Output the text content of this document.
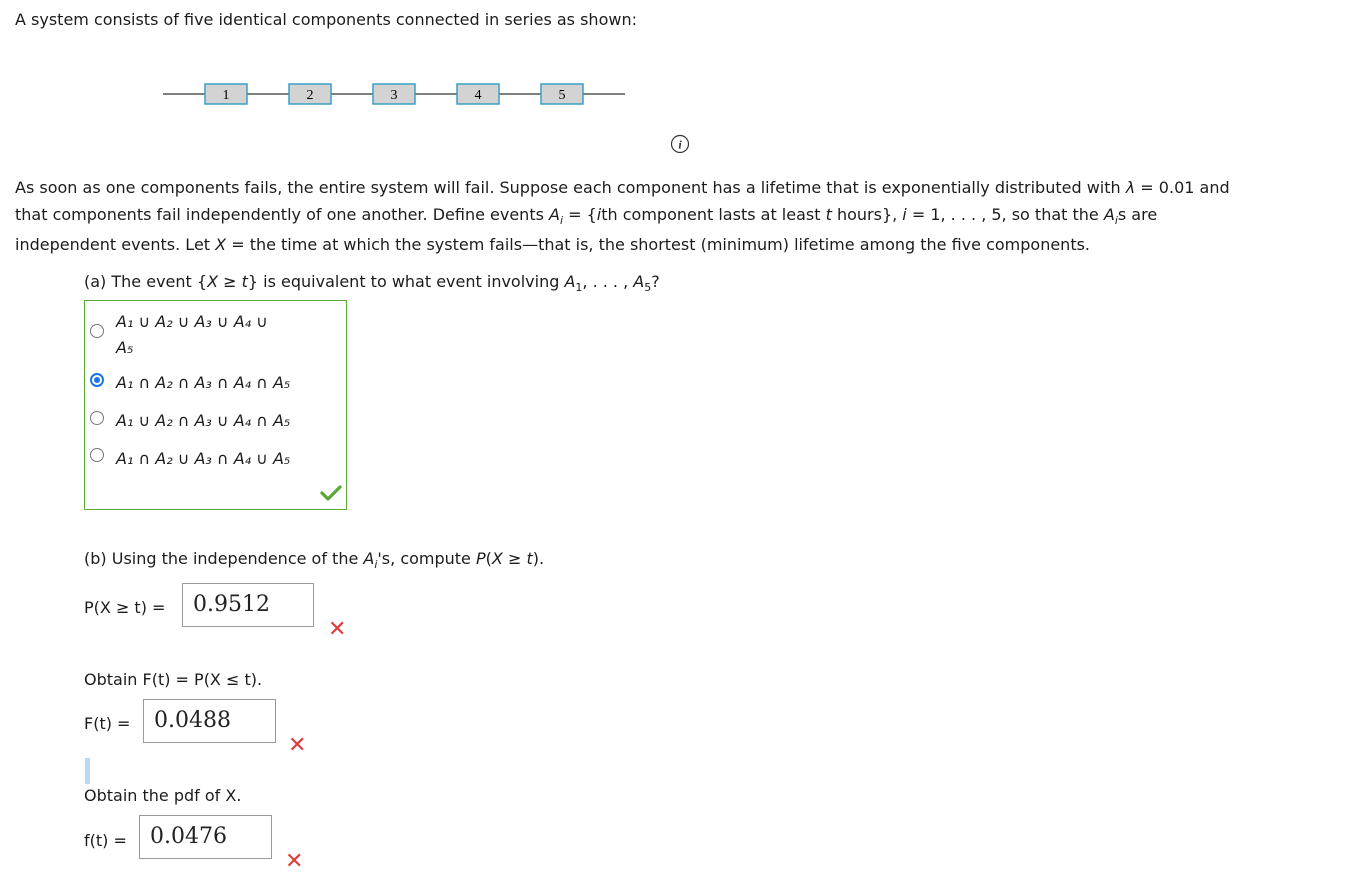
A system consists of five identical components connected in series as shown:
1	2	3	4	5
i
As soon as one components fails, the entire system will fail. Suppose each component has a lifetime that is exponentially distributed with λ = 0.01 and
that components fail independently of one another. Define events $A_i = \{ith$ component lasts at least t hours}, i = 1, . . . , 5, so that the $A_is$ are
independent events. Let X = the time at which the system fails—that is, the shortest (minimum) lifetime among the five components.
(a) The event {X ≥ t} is equivalent to what event involving $A_1$, . . . , $A_5$?
A₁ ∪ A₂ ∪ A₃ ∪ A₄ ∪
A₅
A₁ ∩ A₂ ∩ A₃ ∩ A₄ ∩ A₅
A₁ ∪ A₂ ∩ A₃ ∪ A₄ ∩ A₅
A₁ ∩ A₂ ∪ A₃ ∩ A₄ ∪ A₅
(b) Using the independence of the $A_i's$, compute P(X ≥ t).
P(X ≥ t) =	0.9512
✕
Obtain F(t) = P(X ≤ t).
F(t) =	0.0488
✕
Obtain the pdf of X.
f(t) =	0.0476
✕
